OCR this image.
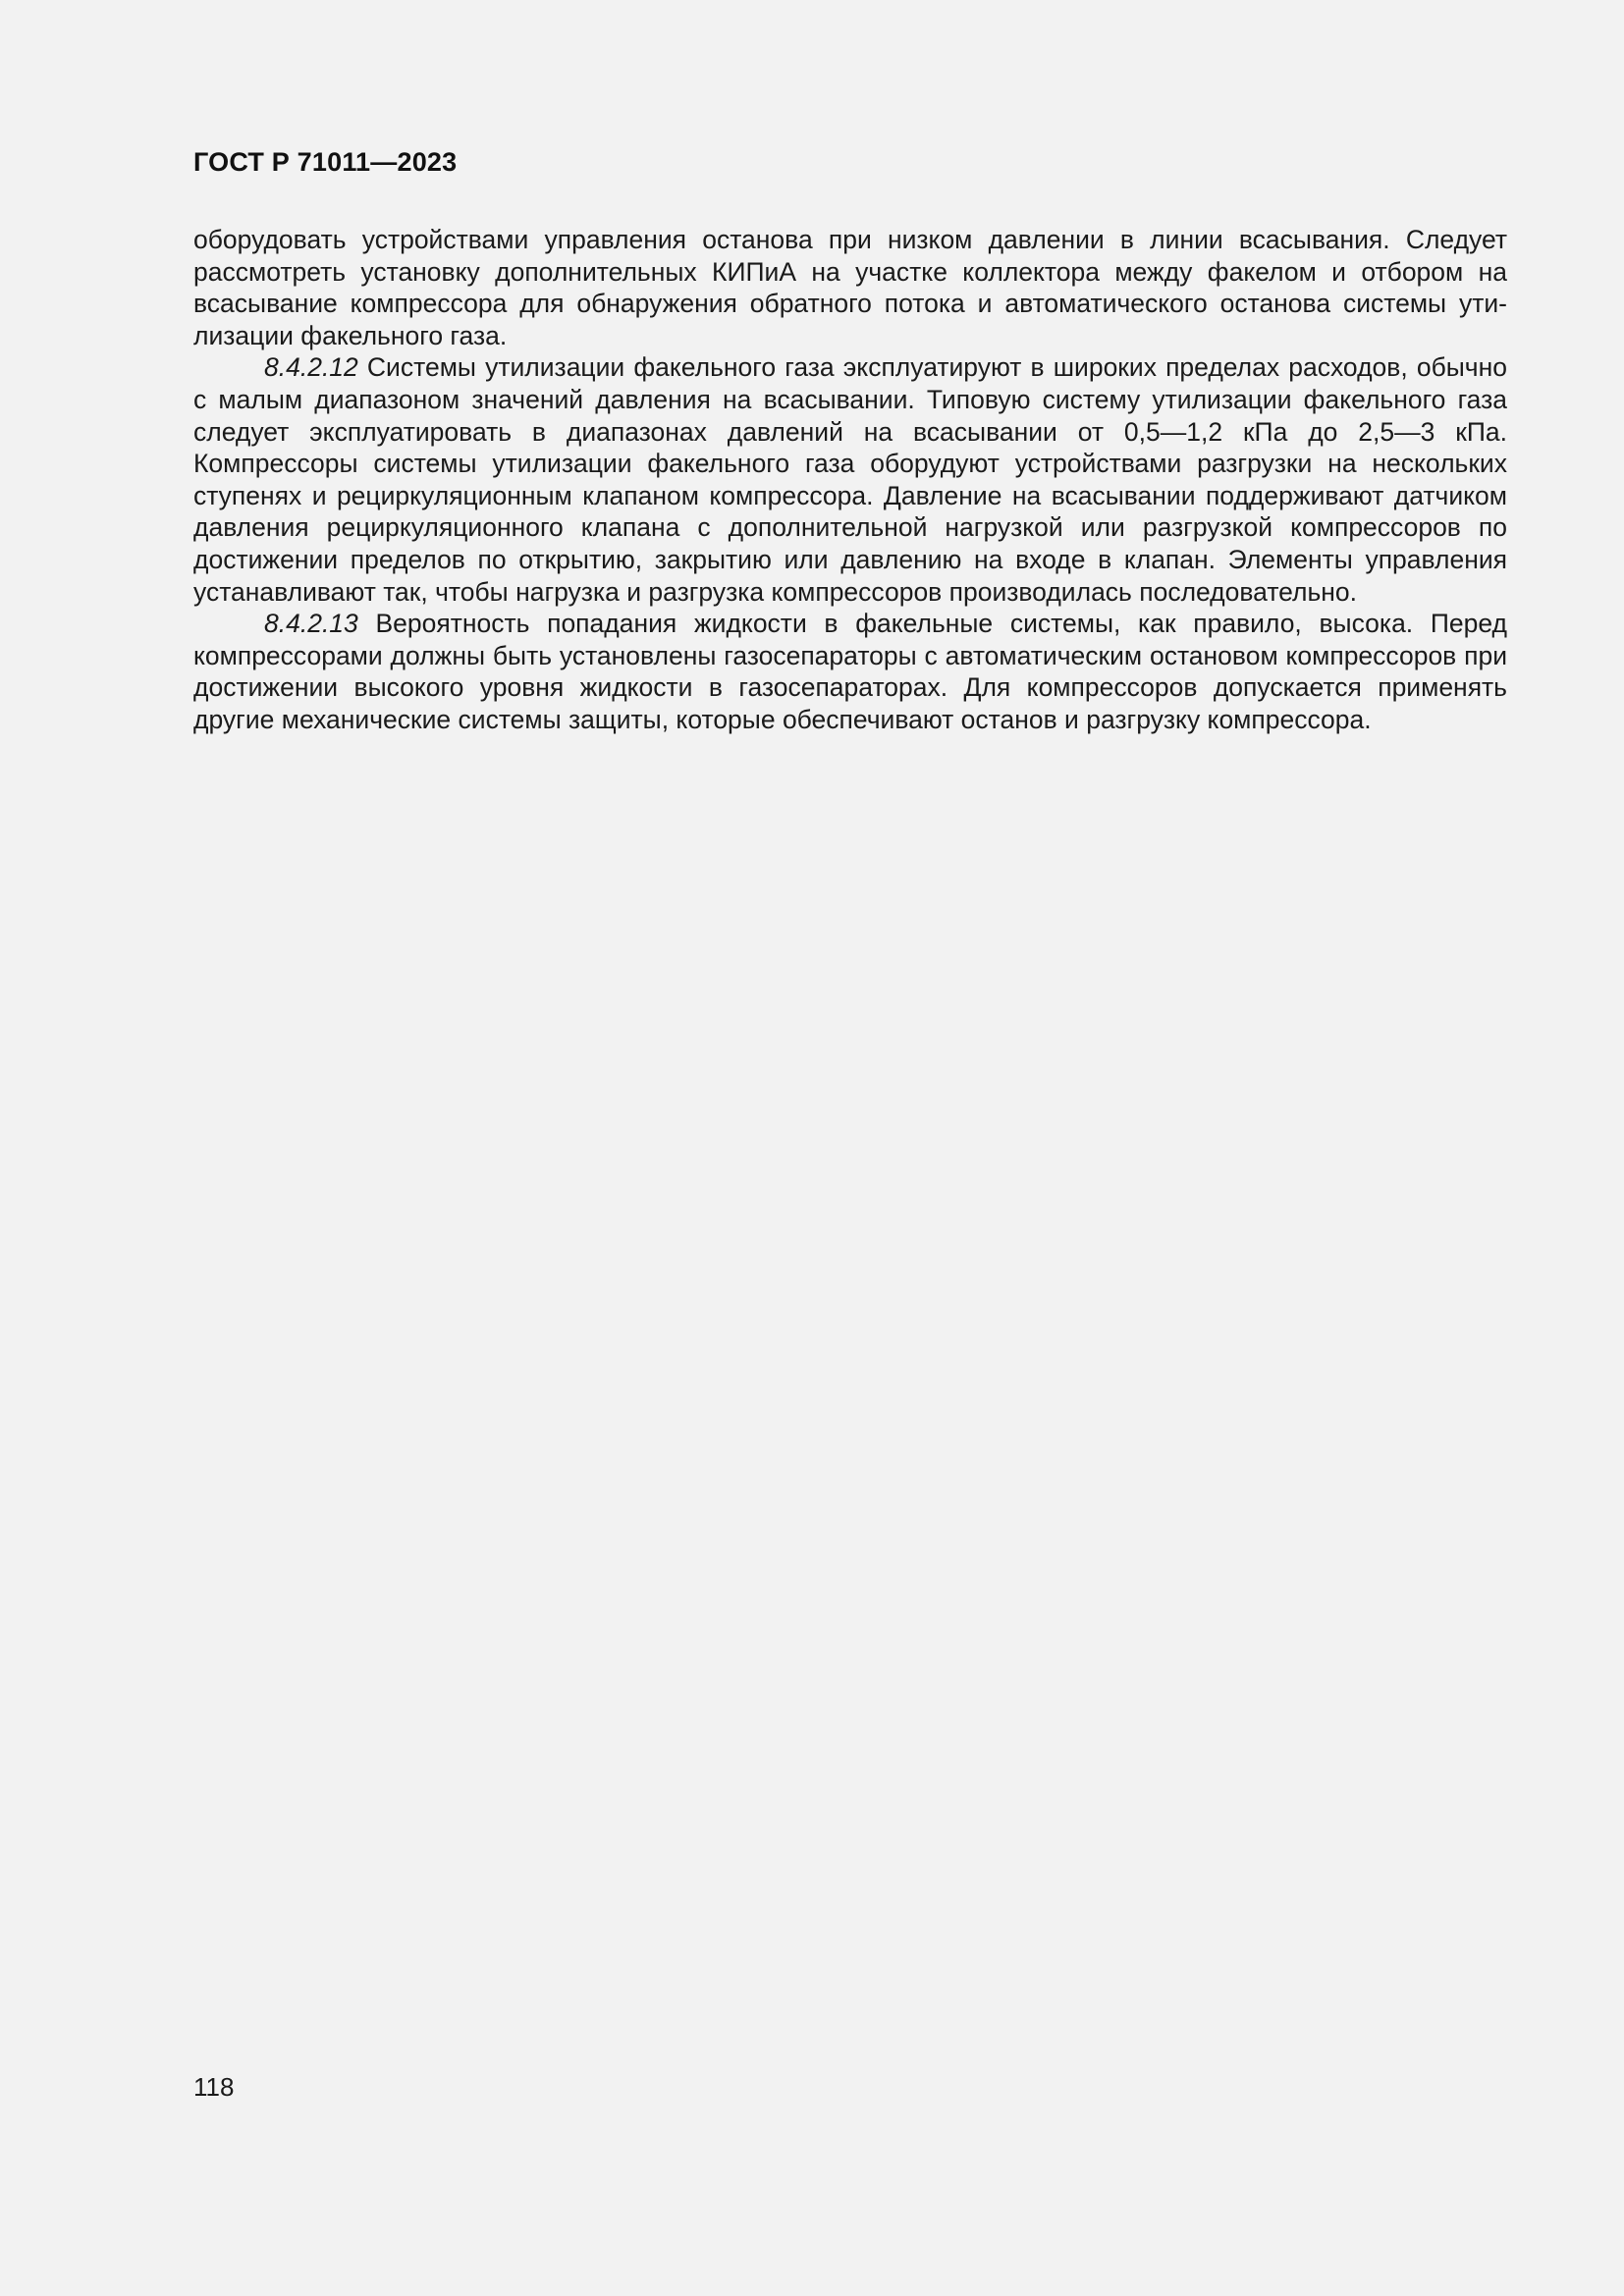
ГОСТ Р 71011—2023

оборудовать устройствами управления останова при низком давлении в линии всасывания. Следует рассмотреть установку дополнительных КИПиА на участке коллектора между факелом и отбором на всасывание компрессора для обнаружения обратного потока и автоматического останова системы утилизации факельного газа.

8.4.2.12 Системы утилизации факельного газа эксплуатируют в широких пределах расходов, обычно с малым диапазоном значений давления на всасывании. Типовую систему утилизации факельного газа следует эксплуатировать в диапазонах давлений на всасывании от 0,5—1,2 кПа до 2,5—3 кПа. Компрессоры системы утилизации факельного газа оборудуют устройствами разгрузки на нескольких ступенях и рециркуляционным клапаном компрессора. Давление на всасывании поддерживают датчиком давления рециркуляционного клапана с дополнительной нагрузкой или разгрузкой компрессоров по достижении пределов по открытию, закрытию или давлению на входе в клапан. Элементы управления устанавливают так, чтобы нагрузка и разгрузка компрессоров производилась последовательно.

8.4.2.13 Вероятность попадания жидкости в факельные системы, как правило, высока. Перед компрессорами должны быть установлены газосепараторы с автоматическим остановом компрессоров при достижении высокого уровня жидкости в газосепараторах. Для компрессоров допускается применять другие механические системы защиты, которые обеспечивают останов и разгрузку компрессора.

118
